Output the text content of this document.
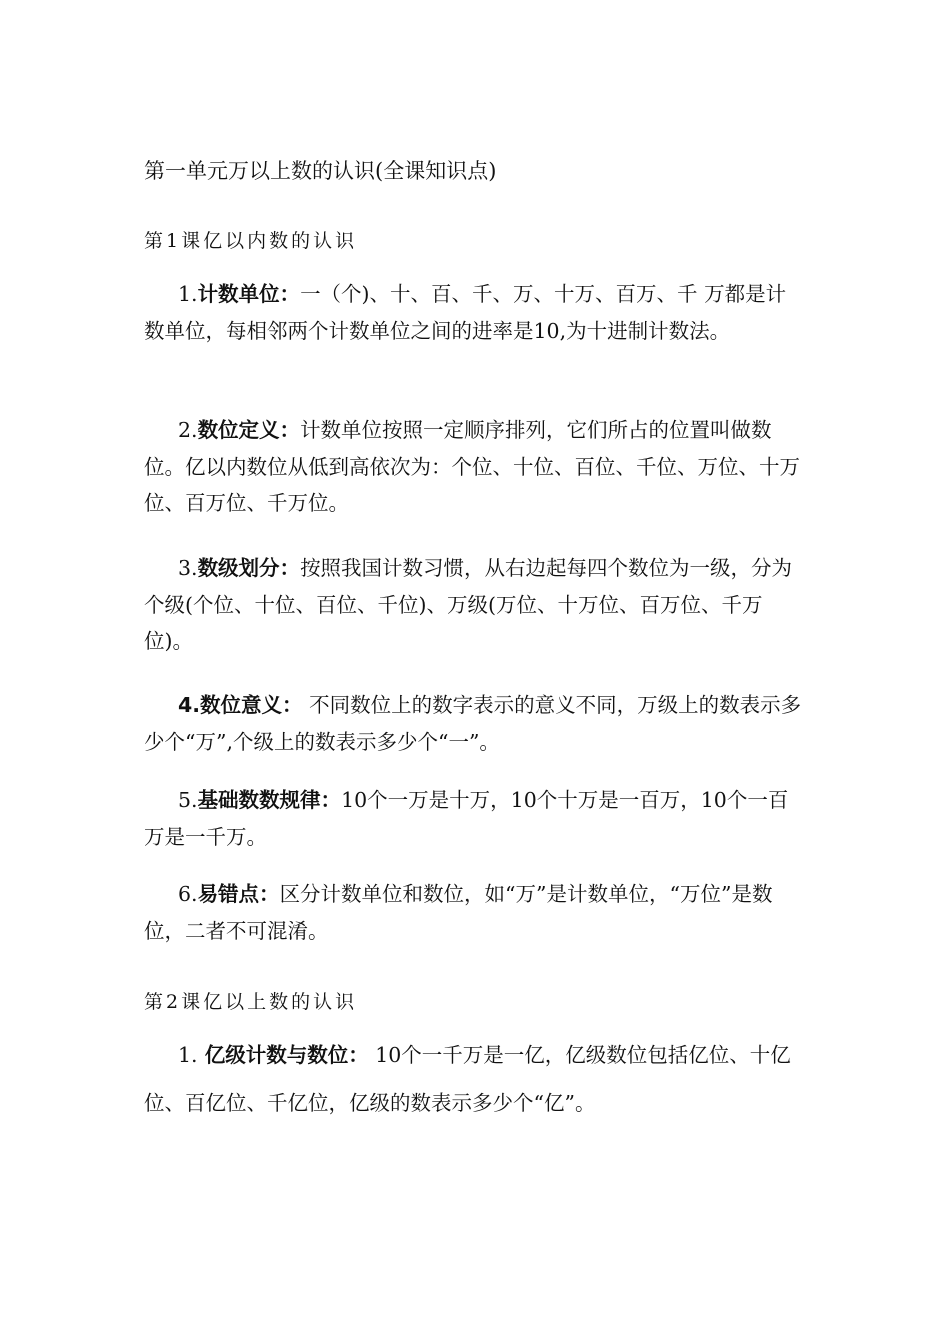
第一单元万以上数的认识(全课知识点)
第1课亿以内数的认识

1.计数单位：一（个)、十、百、千、万、十万、百万、千 万都是计数单位，每相邻两个计数单位之间的进率是10,为十进制计数法。

2.数位定义：计数单位按照一定顺序排列，它们所占的位置叫做数位。亿以内数位从低到高依次为：个位、十位、百位、千位、万位、十万位、百万位、千万位。

3.数级划分：按照我国计数习惯，从右边起每四个数位为一级，分为个级(个位、十位、百位、千位)、万级(万位、十万位、百万位、千万位)。

4.数位意义： 不同数位上的数字表示的意义不同，万级上的数表示多少个“万”,个级上的数表示多少个“一”。

5.基础数数规律：10个一万是十万，10个十万是一百万，10个一百万是一千万。

6.易错点：区分计数单位和数位，如“万”是计数单位，“万位”是数位，二者不可混淆。

第2课亿以上数的认识

1. 亿级计数与数位： 10个一千万是一亿，亿级数位包括亿位、十亿位、百亿位、千亿位，亿级的数表示多少个“亿”。
